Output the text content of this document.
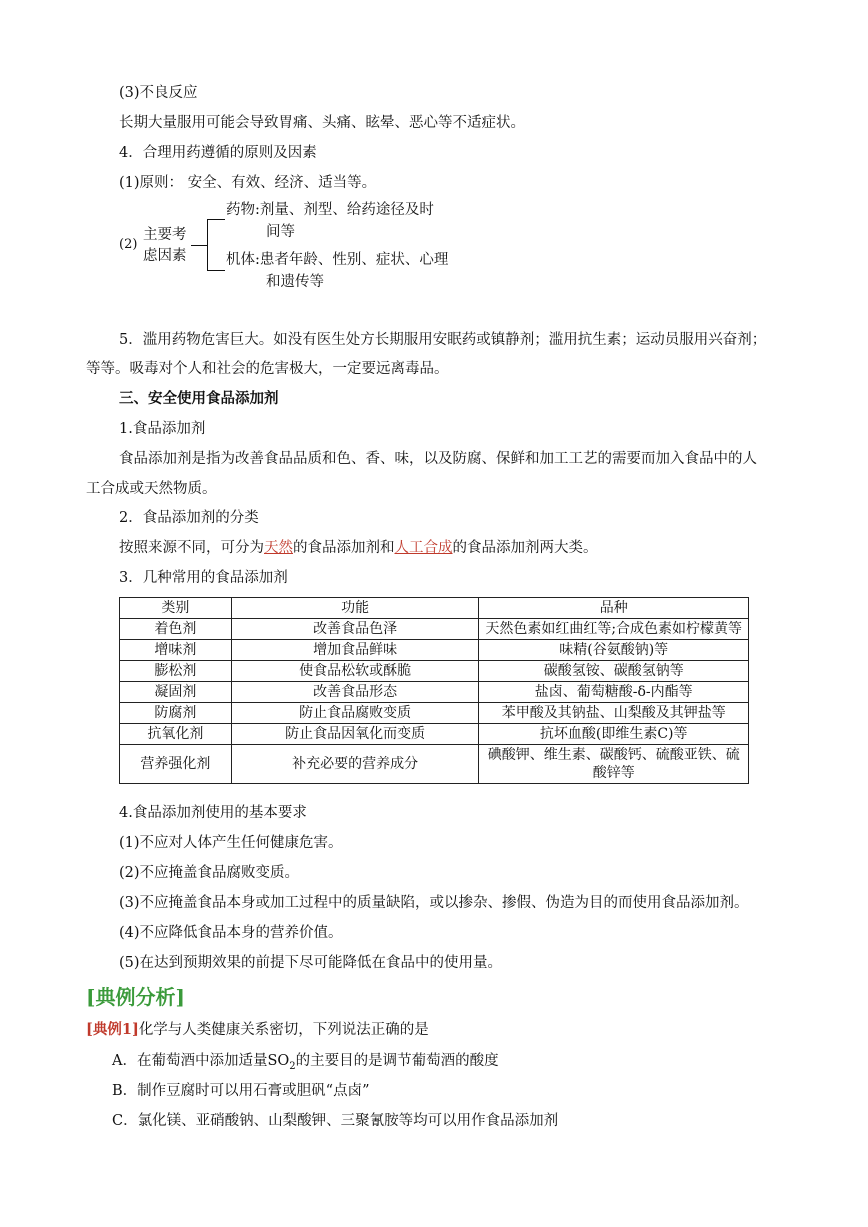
(3)不良反应
长期大量服用可能会导致胃痛、头痛、眩晕、恶心等不适症状。
4．合理用药遵循的原则及因素
(1)原则： 安全、有效、经济、适当等。
(2)
主要考
虑因素
药物:剂量、剂型、给药途径及时
间等
机体:患者年龄、性别、症状、心理
和遗传等
5．滥用药物危害巨大。如没有医生处方长期服用安眠药或镇静剂；滥用抗生素；运动员服用兴奋剂；
等等。吸毒对个人和社会的危害极大，一定要远离毒品。
三、安全使用食品添加剂
1.食品添加剂
食品添加剂是指为改善食品品质和色、香、味，以及防腐、保鲜和加工工艺的需要而加入食品中的人
工合成或天然物质。
2．食品添加剂的分类
按照来源不同，可分为天然的食品添加剂和人工合成的食品添加剂两大类。
3．几种常用的食品添加剂
类别	功能	品种
着色剂	改善食品色泽	天然色素如红曲红等;合成色素如柠檬黄等
增味剂	增加食品鲜味	味精(谷氨酸钠)等
膨松剂	使食品松软或酥脆	碳酸氢铵、碳酸氢钠等
凝固剂	改善食品形态	盐卤、葡萄糖酸-δ-内酯等
防腐剂	防止食品腐败变质	苯甲酸及其钠盐、山梨酸及其钾盐等
抗氧化剂	防止食品因氧化而变质	抗坏血酸(即维生素C)等
营养强化剂	补充必要的营养成分	碘酸钾、维生素、碳酸钙、硫酸亚铁、硫酸锌等
4.食品添加剂使用的基本要求
(1)不应对人体产生任何健康危害。
(2)不应掩盖食品腐败变质。
(3)不应掩盖食品本身或加工过程中的质量缺陷，或以掺杂、掺假、伪造为目的而使用食品添加剂。
(4)不应降低食品本身的营养价值。
(5)在达到预期效果的前提下尽可能降低在食品中的使用量。
[典例分析]
[典例1]化学与人类健康关系密切，下列说法正确的是
A．在葡萄酒中添加适量$SO_2$的主要目的是调节葡萄酒的酸度
B．制作豆腐时可以用石膏或胆矾“点卤”
C．氯化镁、亚硝酸钠、山梨酸钾、三聚氰胺等均可以用作食品添加剂
